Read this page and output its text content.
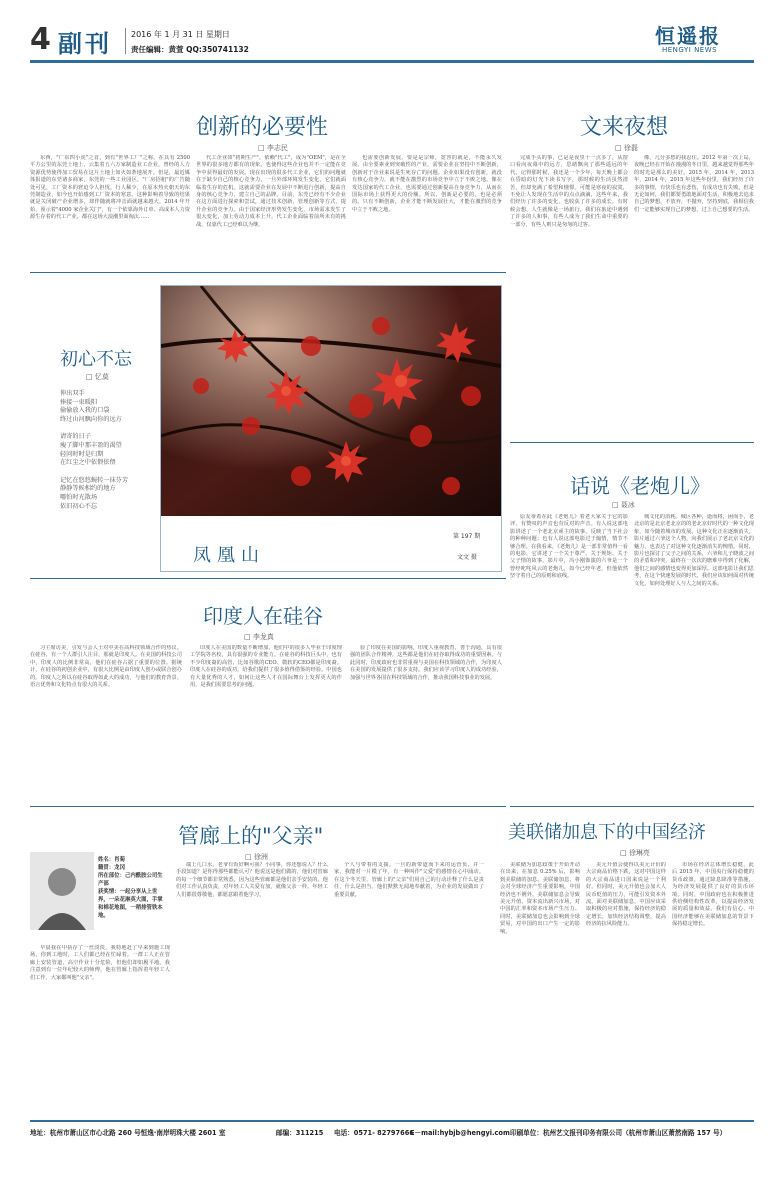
4 副刊 2016 年 1 月 31 日 星期日
责任编辑：黄萱 QQ:350741132
恒遥报
HENGYI NEWS
创新的必要性
□ 李志民

东西，"广东四小虎"之首，到有"世界工厂"之称。在具有 2500 平方公里的东莞土地上，云集着五六万家制造业工企业，曾经的人力资源优势使得加工贸易在这片土地上如火如荼地展开。但是，最近媒体报道的东莞诸多商家，东莞的一些工业园区，"厂房招租"的广告随处可见，工厂资本的窘迫令人担忧，行人稀少，在原本热火朝天的东莞制造业，如今也开始感到工厂资本的寒意。这种影响着导致的结果就是关闭破产企业增多，却伴随就将冲击面就越来越大。2014 年开始，预示着"4000 家企业关门"，有一个依靠海外订单、高成本人力资源生存着的代工产业，都在这场大浪潮里面淘汰……

代工企业如"初期生产"，依赖"代工"，成为"OEM"，是在全世界的很多地方都有的现象。也使得这些企业也并不一定能在竞争中获得最好的发展。现在出现的很多代工企业，它们的问题就在于缺少自己的核心竞争力，一旦外部环境发生变化，它们就面临着生存的危机。这就需要企业在发展中不断进行创新，提高自身的核心竞争力，建立自己的品牌。目前，东莞已经有不少企业在这方面进行探索和尝试，通过技术创新、管理创新等方式，提升企业的竞争力。由于国家经济形势发生变化，市场需求发生了很大变化，加上劳动力成本上升，代工企业面临着前所未有的挑战，仅靠代工已经难以为继。

也需要创新发展。要是是宗师，宽容的就是，不能永久发展。由全要素业到突破性的产业，需要企业在坚持中不断创新，创新对于企业来说是生死存亡的问题。企业如果没有创新，就没有核心竞争力，就不能在激烈的市场竞争中立于不败之地。像在发达国家的代工企业，也需要通过创新提高自身竞争力，从而在国际市场上获得更大的份额。所以，创新是必要的，也是必须的。只有不断创新，企业才能不断发展壮大，才能在激烈的竞争中立于不败之地。

文来夜想
□ 徐磊

完成手头的事，已是是夜里十一点多了，从窗口看向夜幕中的远方，思绪飘向了那些遥远的年代。记得那时候，我还是一个少年，每天晚上都会在昏暗的灯光下读书写字，那时候的生活虽然清苦，但却充满了希望和憧憬。可能是寒夜的寂寞，不免让人发现在生活中的点点滴滴，这些年来，我们经历了许多的变化，也收获了许多的成长。有时候会想，人生就像是一场旅行，我们在旅途中遇到了许多的人和事，有些人成为了我们生命中重要的一部分，有些人则只是匆匆的过客。

像，几分多愁的我忍住。2012 年第一次上岛，夜晚已经在开始在漫漫的冬日里，越来越觉得那些年的时光是那么的美好。2015 年，2014 年，2013 年，2014 年，2015 年这些年份里，我们经历了许多的事情，有快乐也有悲伤，有成功也有失败。但是无论如何，我们都要勇敢地面对生活，积极地去追求自己的梦想。不放弃，不抛弃，坚持到底，我相信我们一定能够实现自己的梦想，过上自己想要的生活。

初心不忘
□ 忆莫
伸出双手
捧接一束暖阳
偷偷放入我的口袋
终过山河飘向你的远方
请寄的日子
瘦了脚中那丰盈的渴望
轻问时时是归期
在红尘之中依偎依偎
记忆在悠悠蜿转一抹芬芳
静静等候相约的地方
哪怕时光散场
依旧初心不忘
凤凰山
第 197 期
文文 摄
话说《老炮儿》
□ 聂冰

原友蒂希在此《老炮儿》着老大家关于它的影评，有赞叹的声音也有反对的声音。有人说这部电影讲述了一个老北京顽主的故事，反映了当下社会的种种问题；也有人说这部电影过于煽情，情节不够合理。在我看来，《老炮儿》是一部非常值得一看的电影，它讲述了一个关于尊严、关于规矩、关于父子情的故事。影片中，冯小刚饰演的六爷是一个曾经叱咤风云的老炮儿，如今已经年老，但他依然坚守着自己的原则和底线。

城文化的消耗。城区各种，逝而将，困而手，老北京的是北京老北京的的老北京好时代的一种文化现象，如今随着城市的发展，这种文化正在逐渐消失。影片通过六爷这个人物，向我们展示了老北京文化的魅力，也表达了对这种文化逐渐消失的惋惜。同时，影片也探讨了父子之间的关系，六爷和儿子晓波之间的矛盾和冲突，最终在一次次的磨难中得到了化解，他们之间的感情也变得更加深厚。这部电影让我们思考，在这个快速发展的时代，我们应该如何面对传统文化，如何处理好人与人之间的关系。

印度人在硅谷
□ 李龙真

习主席访美，引发与会人士对中美在高科技领域合作的热议。在硅谷，有一个人群引人注目，那就是印度人。在美国的科技公司中，印度人的比例非常高，他们在硅谷占据了重要的位置。据统计，在硅谷的初创企业中，有很大比例是由印度人创办或联合创办的。印度人之所以在硅谷取得如此大的成功，与他们的教育背景、语言优势和文化特点有很大的关系。

印度人在美国的数量不断增加，他们中的很多人毕业于印度理工学院等名校，具有很强的专业能力。在硅谷的科技巨头中，也有不少印度裔的高管，比如谷歌的CEO、微软的CEO都是印度裔。印度人在硅谷的成功，给我们提供了很多值得借鉴的经验。中国也有大量优秀的人才，如何让这些人才在国际舞台上发挥更大的作用，是我们需要思考的问题。

验了印度在美国的影响。印度人重视教育，善于沟通，具有很强的团队合作精神，这些都是他们在硅谷取得成功的重要因素。与此同时，印度政府也非常重视与美国在科技领域的合作，为印度人在美国的发展提供了很多支持。我们应该学习印度人的成功经验，加强与世界各国在科技领域的合作，推动我国科技事业的发展。

管廊上的"父亲"
□ 徐洲
姓名：肖菊
籍贯：龙冈
所在部位：己内酰胺公司生产部
获奖情：一起分享从上世界，一朵花淋英大图，手掌和棉花地图，一稍排管铁本地。

早晨我在中执存了一丝淡淡，我特地赶了早来到施工现场，你到工地时，工人们都已经在忙碌着。一群工人正在管廊上安装管道，高空作业十分危险，但他们却如履平地。我注意到有一位年纪较大的师傅，他在管廊上指挥着年轻工人们工作，大家都叫他"父亲"。

端上几口水，老爷有饭好啊可我？小同事，你还想说人？什么手段知道？是你得那些都能认可？他说这是他们做的，他们对管廊的每一个细节都非常熟悉，因为这些管廊都是他们亲手安装的。他们对工作认真负责，对年轻工人关爱有加，就像父亲一样。年轻工人们都很尊敬他，都愿意跟着他学习。

个人与带着的支援。一旦的新带道而下来的运营负，并一家，我能对一片模了年，有一种叫作"父爱"的感情在心中涌动。在这个冬天里，管廊上的"父亲"们用自己的行动诠释了什么是责任，什么是担当。他们默默无闻地奉献着，为企业的发展做出了重要贡献。

美联储加息下的中国经济
□ 徐琳亮

美联储为加息政策于开始开动在出来，在加息 0.25% 后，影响到美联储的加息。美联储加息，将会对全球经济产生重要影响，中国经济也不例外。美联储加息会导致美元升值，资本流出新兴市场，对中国的汇率和资本市场产生压力。同时，美联储加息也会影响到全球贸易，对中国的出口产生一定的影响。

美元升值会使得以美元计价的大宗商品价格下跌，这对中国这样的大宗商品进口国来说是一个利好。但同时，美元升值也会加大人民币贬值的压力，可能引发资本外流。面对美联储加息，中国应该采取积极的应对措施，保持经济的稳定增长，加快经济结构调整，提高经济的抗风险能力。

市场在经济总体增长稳健，此后 2015 年，中国央行保持稳健的货币政策，通过降息降准等措施，为经济发展提供了良好的货币环境。同时，中国政府也在积极推进供给侧结构性改革，以提高经济发展的质量和效益。我们有信心，中国经济能够在美联储加息的背景下保持稳定增长。

地址：杭州市萧山区市心北路 260 号恒逸·南岸明珠大楼 2601 室	邮编：311215 电话：0571- 82797666
E－mail:hybjb@hengyi.com 印刷单位：杭州艺文报刊印务有限公司（杭州市萧山区萧然南路 157 号）
